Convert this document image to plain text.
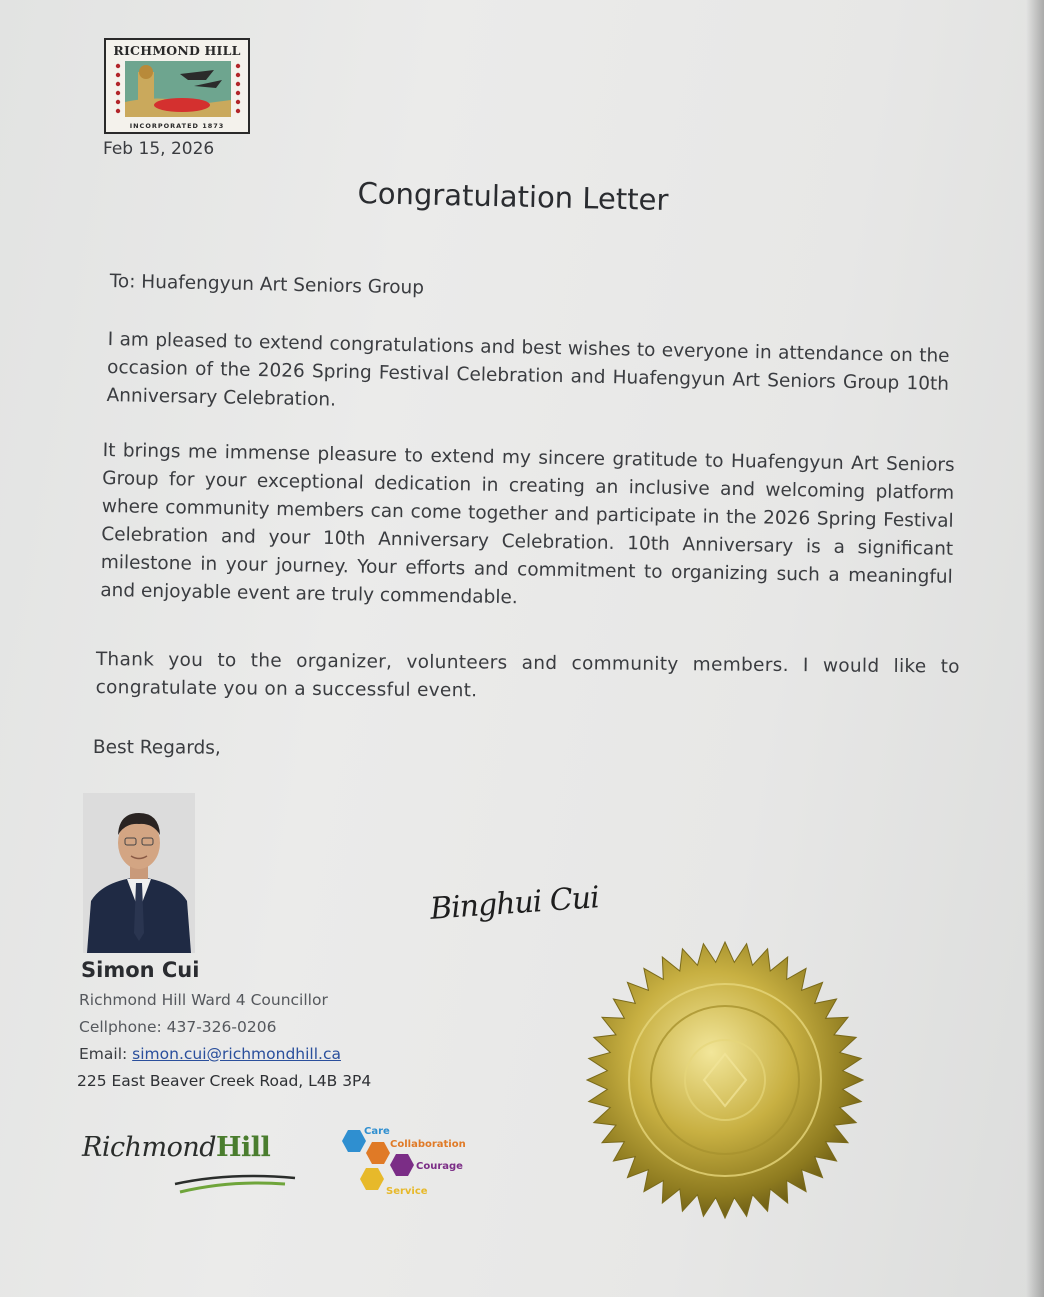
RICHMOND HILL
INCORPORATED 1873
Feb 15, 2026
Congratulation Letter

To: Huafengyun Art Seniors Group

I am pleased to extend congratulations and best wishes to everyone in attendance on the occasion of the 2026 Spring Festival Celebration and Huafengyun Art Seniors Group 10th Anniversary Celebration.

It brings me immense pleasure to extend my sincere gratitude to Huafengyun Art Seniors Group for your exceptional dedication in creating an inclusive and welcoming platform where community members can come together and participate in the 2026 Spring Festival Celebration and your 10th Anniversary Celebration. 10th Anniversary is a significant milestone in your journey. Your efforts and commitment to organizing such a meaningful and enjoyable event are truly commendable.

Thank you to the organizer, volunteers and community members. I would like to congratulate you on a successful event.

Best Regards,

Simon Cui
Richmond Hill Ward 4 Councillor
Cellphone: 437-326-0206
Email: simon.cui@richmondhill.ca
225 East Beaver Creek Road, L4B 3P4
Binghui Cui
RichmondHill
Care
Collaboration
Courage
Service
